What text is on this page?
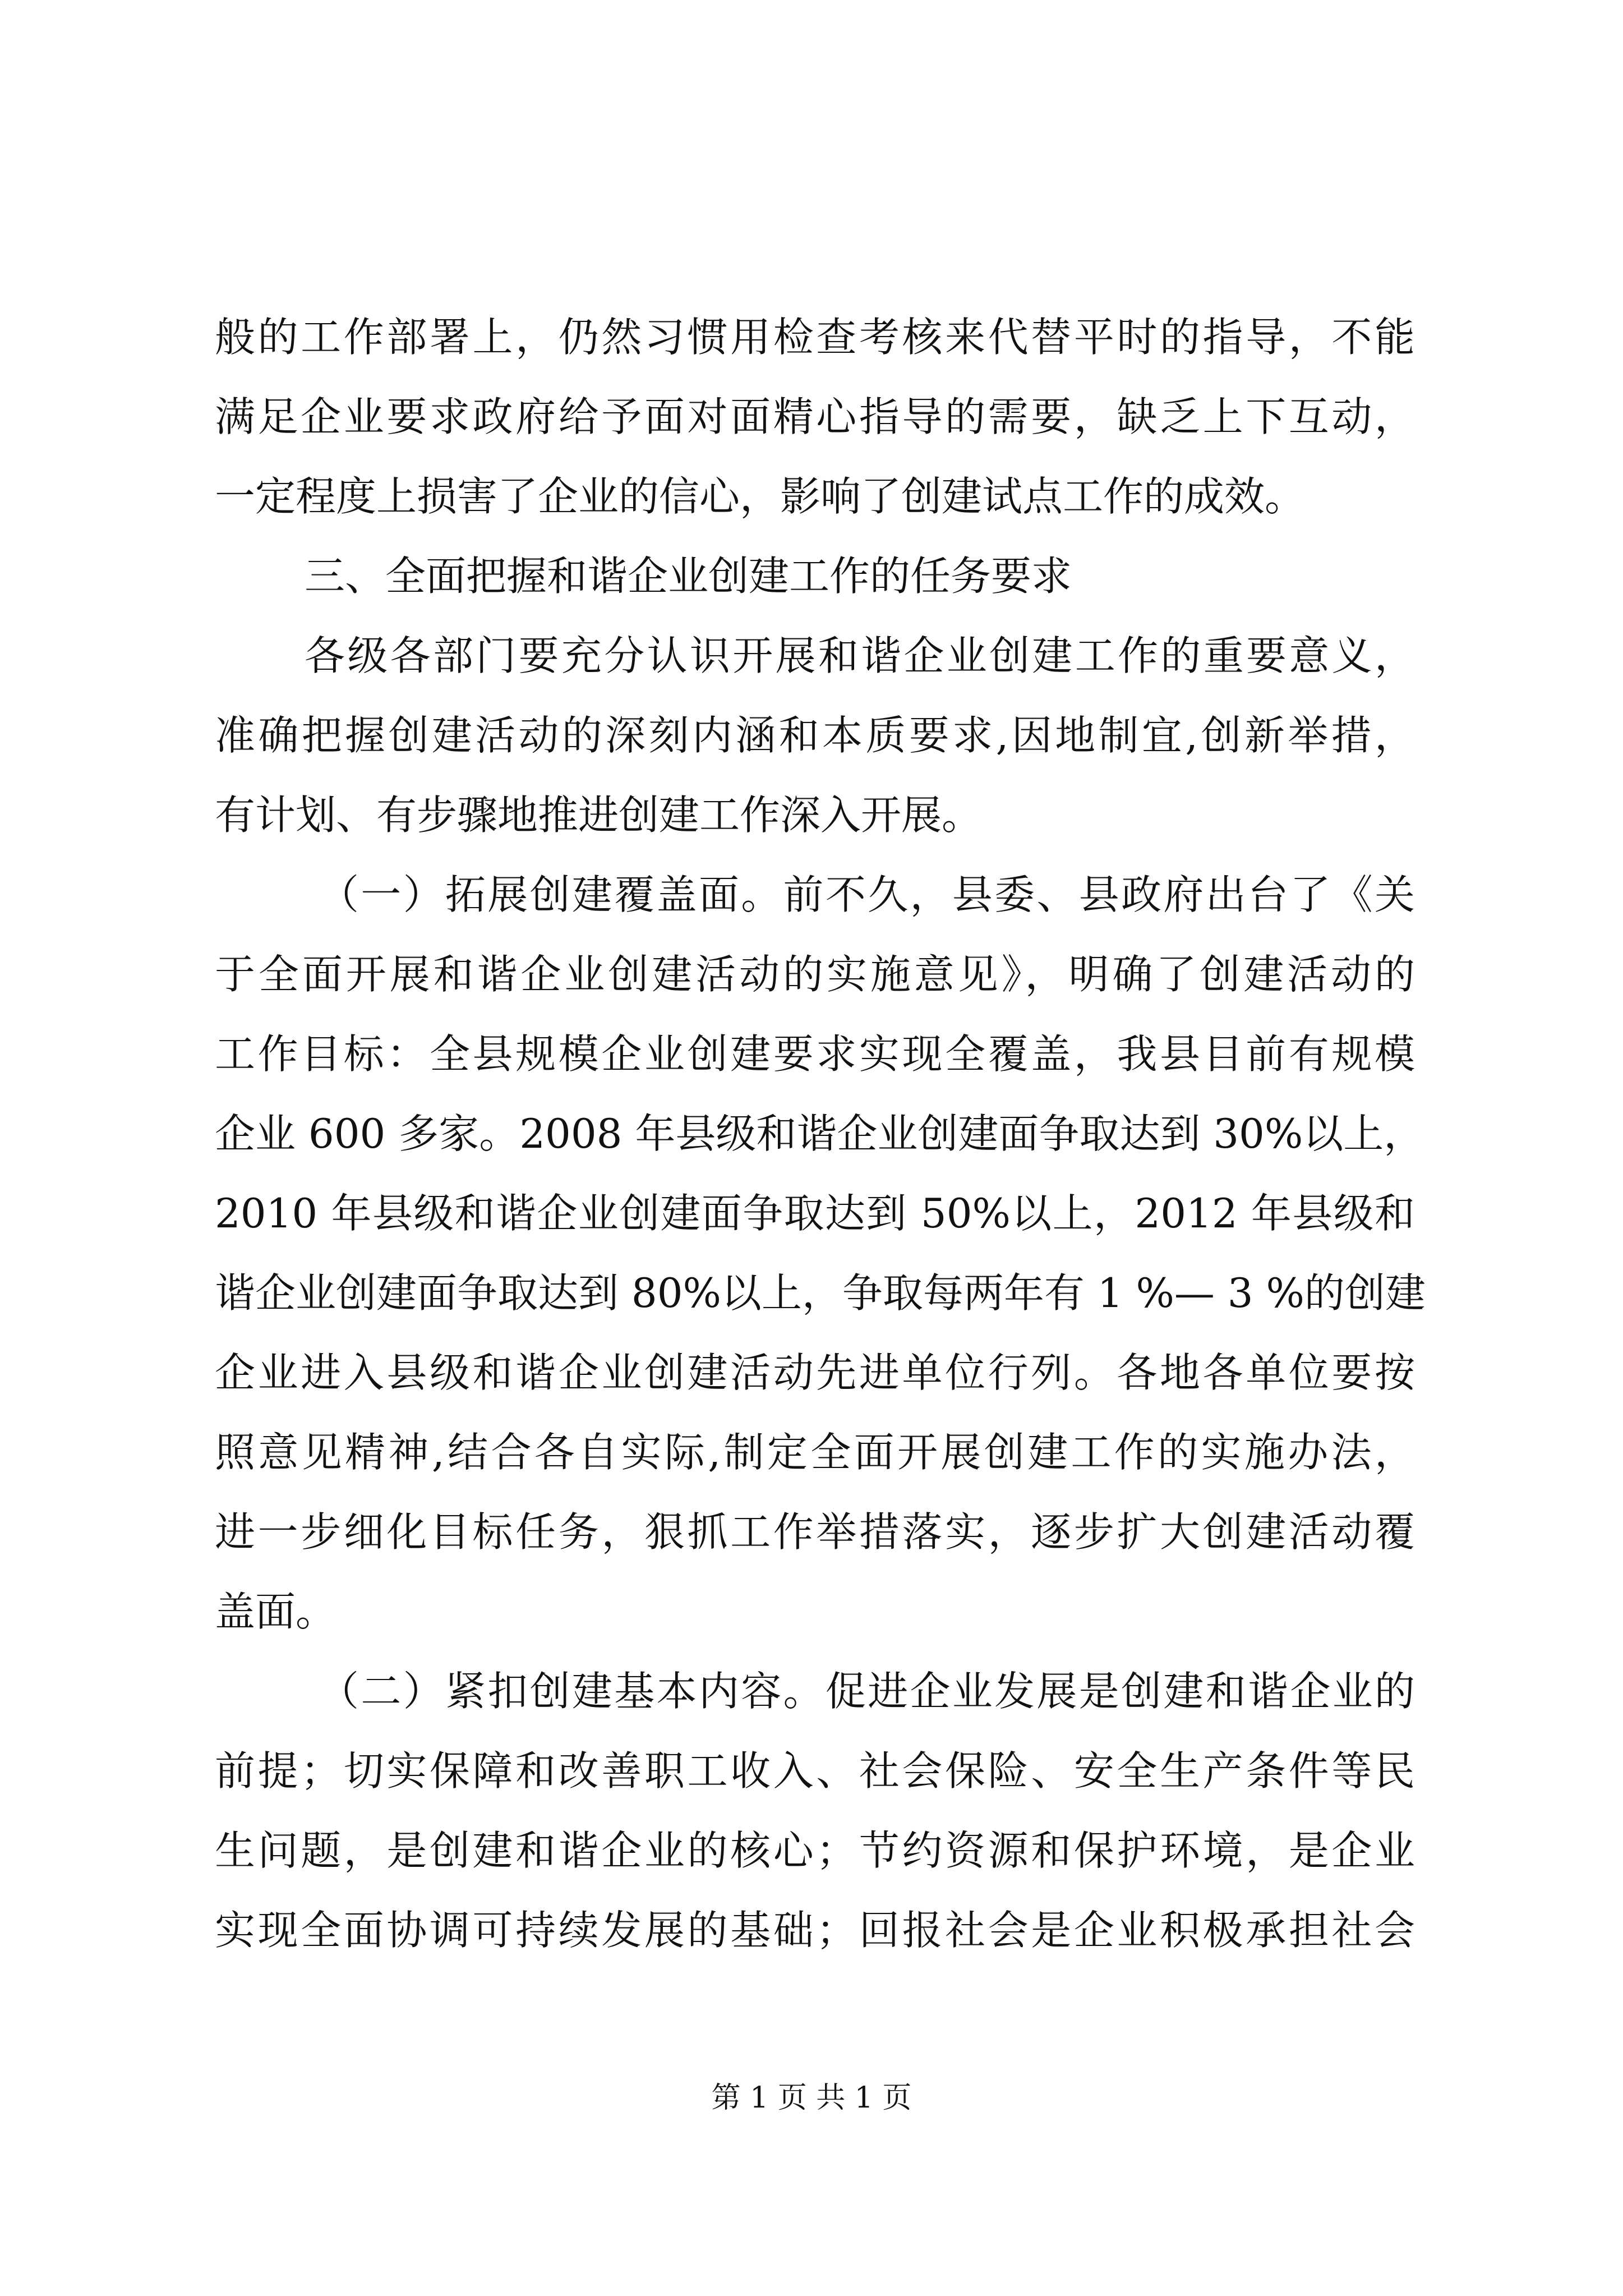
般的工作部署上，仍然习惯用检查考核来代替平时的指导，不能
满足企业要求政府给予面对面精心指导的需要，缺乏上下互动，
一定程度上损害了企业的信心，影响了创建试点工作的成效。
三、全面把握和谐企业创建工作的任务要求
各级各部门要充分认识开展和谐企业创建工作的重要意义，
准确把握创建活动的深刻内涵和本质要求,因地制宜,创新举措，
有计划、有步骤地推进创建工作深入开展。
（一）拓展创建覆盖面。前不久，县委、县政府出台了《关
于全面开展和谐企业创建活动的实施意见》，明确了创建活动的
工作目标：全县规模企业创建要求实现全覆盖，我县目前有规模
企业 600 多家。2008 年县级和谐企业创建面争取达到 30%以上，
2010 年县级和谐企业创建面争取达到 50%以上，2012 年县级和
谐企业创建面争取达到 80%以上，争取每两年有 1 %— 3 %的创建
企业进入县级和谐企业创建活动先进单位行列。各地各单位要按
照意见精神,结合各自实际,制定全面开展创建工作的实施办法，
进一步细化目标任务，狠抓工作举措落实，逐步扩大创建活动覆
盖面。
（二）紧扣创建基本内容。促进企业发展是创建和谐企业的
前提；切实保障和改善职工收入、社会保险、安全生产条件等民
生问题，是创建和谐企业的核心；节约资源和保护环境，是企业
实现全面协调可持续发展的基础；回报社会是企业积极承担社会
第 1 页 共 1 页
